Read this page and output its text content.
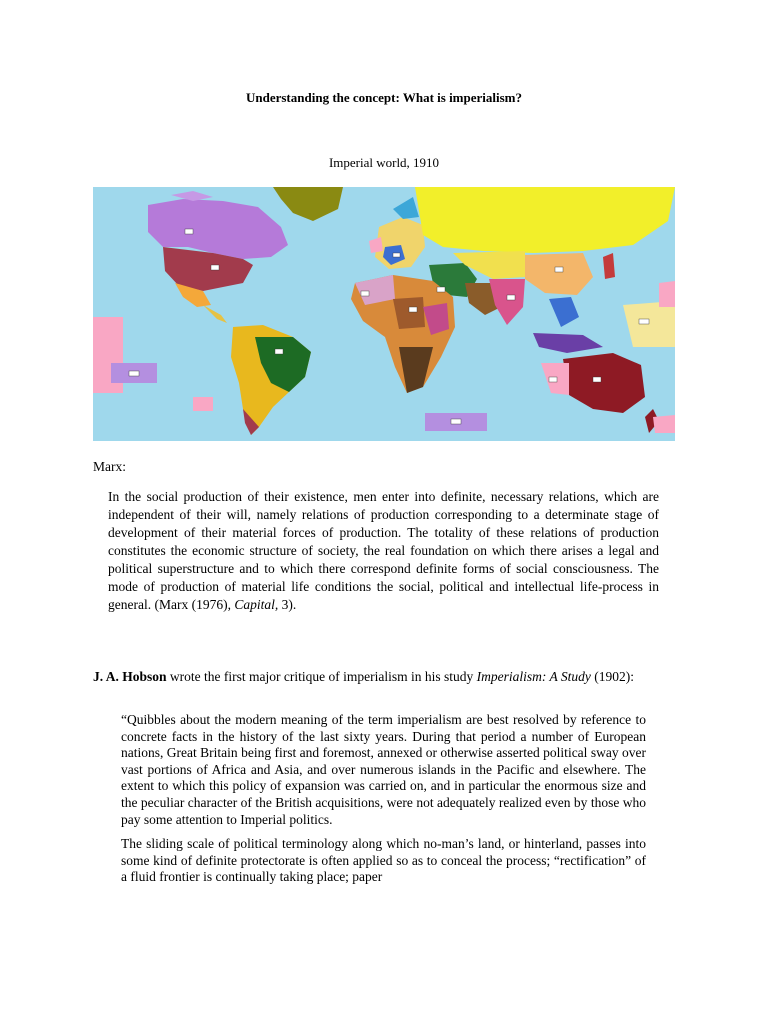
Understanding the concept: What is imperialism?
Imperial world, 1910
Marx:

In the social production of their existence, men enter into definite, necessary relations, which are independent of their will, namely relations of production corresponding to a determinate stage of development of their material forces of production. The totality of these relations of production constitutes the economic structure of society, the real foundation on which there arises a legal and political superstructure and to which there correspond definite forms of social consciousness. The mode of production of material life conditions the social, political and intellectual life-process in general. (Marx (1976), Capital, 3).

J. A. Hobson wrote the first major critique of imperialism in his study Imperialism: A Study (1902):

“Quibbles about the modern meaning of the term imperialism are best resolved by reference to concrete facts in the history of the last sixty years. During that period a number of European nations, Great Britain being first and foremost, annexed or otherwise asserted political sway over vast portions of Africa and Asia, and over numerous islands in the Pacific and elsewhere. The extent to which this policy of expansion was carried on, and in particular the enormous size and the peculiar character of the British acquisitions, were not adequately realized even by those who pay some attention to Imperial politics.

The sliding scale of political terminology along which no-man’s land, or hinterland, passes into some kind of definite protectorate is often applied so as to conceal the process; “rectification” of a fluid frontier is continually taking place; paper
